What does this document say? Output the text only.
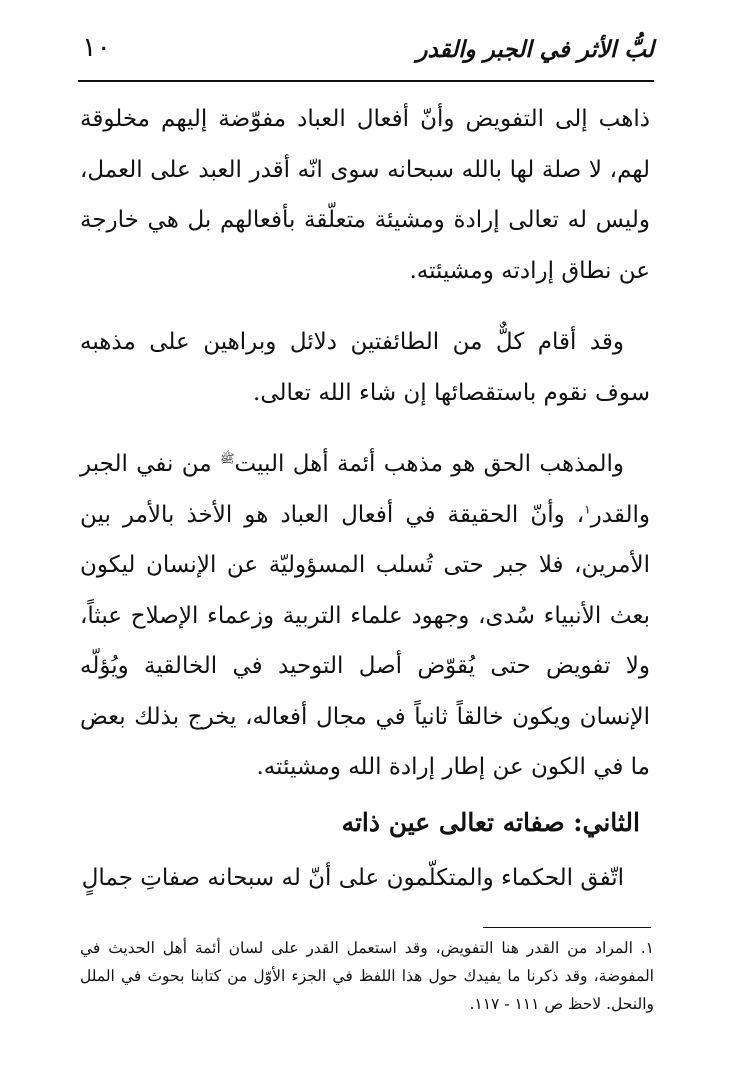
لبُّ الأثر في الجبر والقدر
١٠

ذاهب إلى التفويض وأنّ أفعال العباد مفوّضة إليهم مخلوقة لهم، لا صلة لها بالله سبحانه سوى انّه أقدر العبد على العمل، وليس له تعالى إرادة ومشيئة متعلّقة بأفعالهم بل هي خارجة عن نطاق إرادته ومشيئته.

وقد أقام كلٌّ من الطائفتين دلائل وبراهين على مذهبه سوف نقوم باستقصائها إن شاء الله تعالى.

والمذهب الحق هو مذهب أئمة أهل البيت$^ﷺ$ من نفي الجبر والقدر$^١$، وأنّ الحقيقة في أفعال العباد هو الأخذ بالأمر بين الأمرين، فلا جبر حتى تُسلب المسؤوليّة عن الإنسان ليكون بعث الأنبياء سُدى، وجهود علماء التربية وزعماء الإصلاح عبثاً، ولا تفويض حتى يُقوّض أصل التوحيد في الخالقية ويُؤلّه الإنسان ويكون خالقاً ثانياً في مجال أفعاله، يخرج بذلك بعض ما في الكون عن إطار إرادة الله ومشيئته.

الثاني: صفاته تعالى عين ذاته

اتّفق الحكماء والمتكلّمون على أنّ له سبحانه صفاتِ جمالٍ

١. المراد من القدر هنا التفويض، وقد استعمل القدر على لسان أئمة أهل الحديث في المفوضة، وقد ذكرنا ما يفيدك حول هذا اللفظ في الجزء الأوّل من كتابنا بحوث في الملل والنحل. لاحظ ص ١١١ - ١١٧.
